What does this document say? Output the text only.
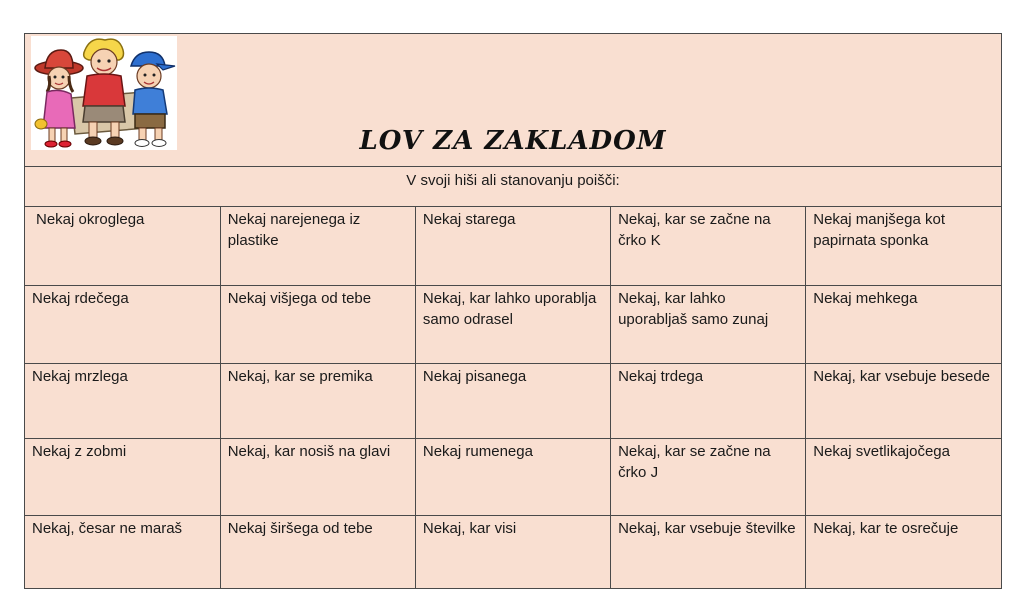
LOV ZA ZAKLADOM
V svoji hiši ali stanovanju poišči:
Nekaj okroglega	Nekaj narejenega iz plastike	Nekaj starega	Nekaj, kar se začne na črko K	Nekaj manjšega kot papirnata sponka
Nekaj rdečega	Nekaj višjega od tebe	Nekaj, kar lahko uporablja samo odrasel	Nekaj, kar lahko uporabljaš samo zunaj	Nekaj mehkega
Nekaj mrzlega	Nekaj, kar se premika	Nekaj pisanega	Nekaj trdega	Nekaj, kar vsebuje besede
Nekaj z zobmi	Nekaj, kar nosiš na glavi	Nekaj rumenega	Nekaj, kar se začne na črko J	Nekaj svetlikajočega
Nekaj, česar ne maraš	Nekaj širšega od tebe	Nekaj, kar visi	Nekaj, kar vsebuje številke	Nekaj, kar te osrečuje
